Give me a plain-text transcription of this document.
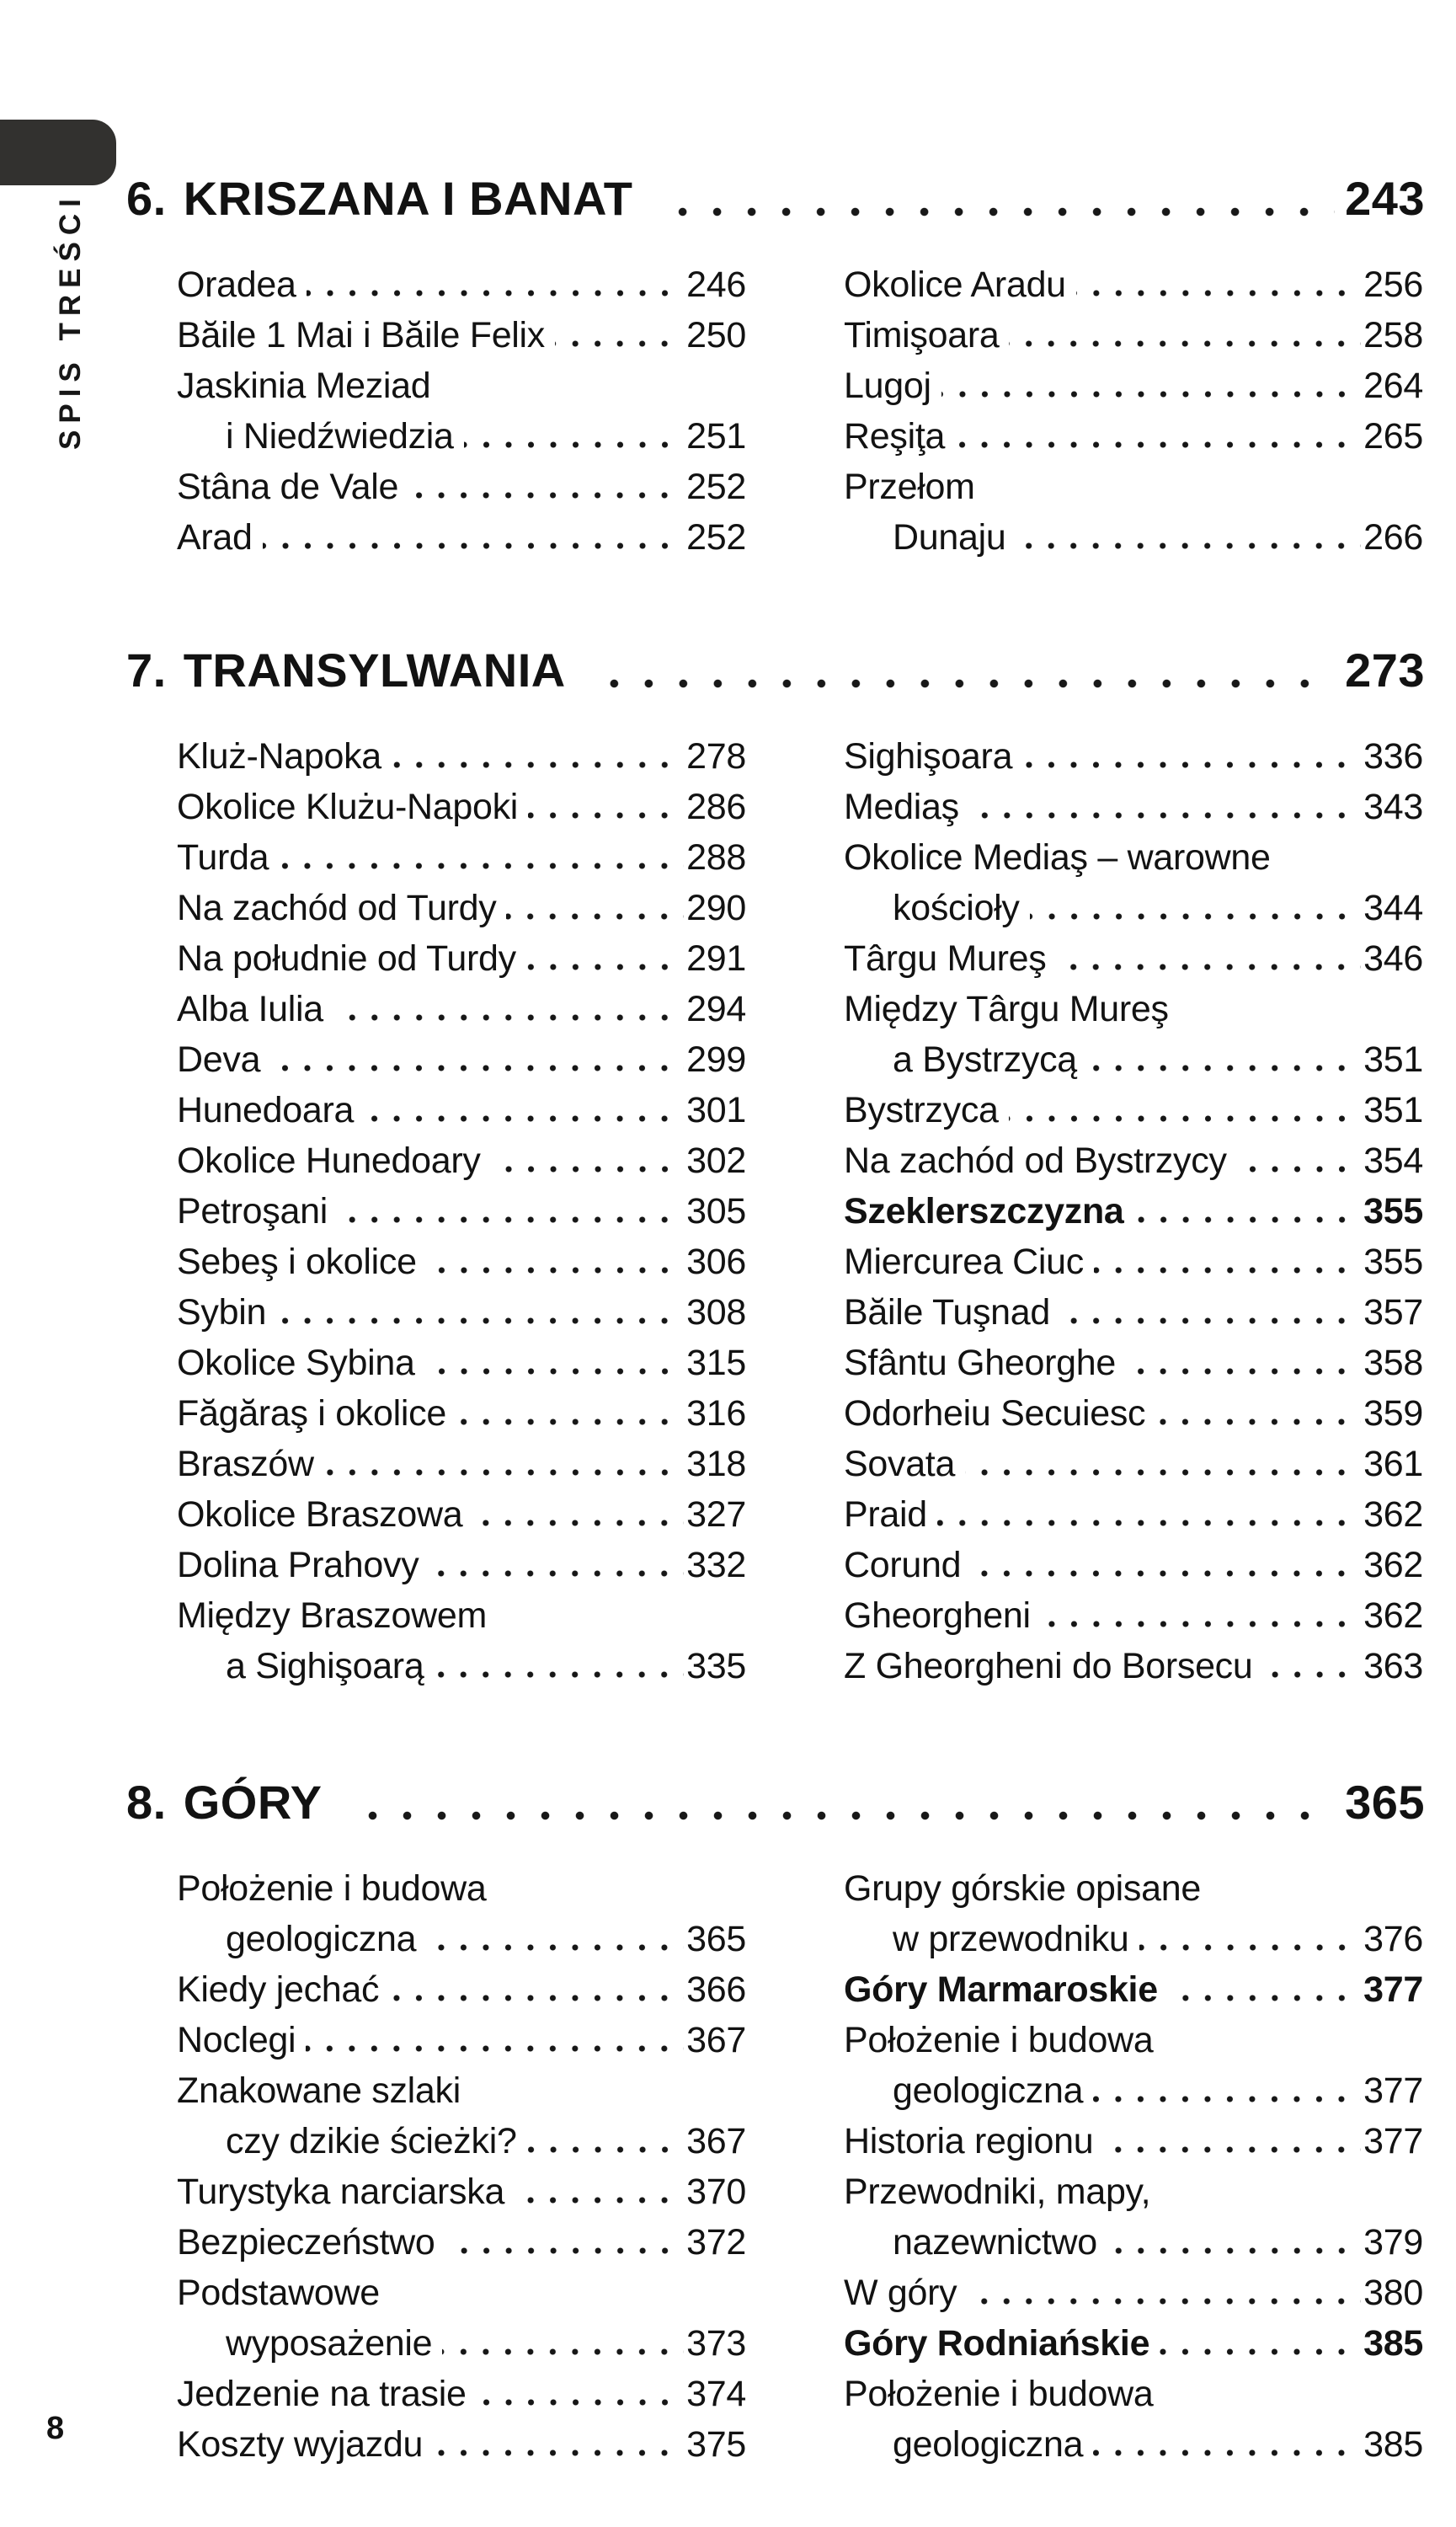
SPIS TREŚCI 6. KRISZANA I BANAT	243
Oradea	246
Băile 1 Mai i Băile Felix	250
Jaskinia Meziad
i Niedźwiedzia	251
Stâna de Vale	252
Arad	252
Okolice Aradu	256
Timişoara	258
Lugoj	264
Reşiţa	265
Przełom
Dunaju	266
7. TRANSYLWANIA	273
Kluż-Napoka	278
Okolice Klużu-Napoki	286
Turda	288
Na zachód od Turdy	290
Na południe od Turdy	291
Alba Iulia	294
Deva	299
Hunedoara	301
Okolice Hunedoary	302
Petroşani	305
Sebeş i okolice	306
Sybin	308
Okolice Sybina	315
Făgăraş i okolice	316
Braszów	318
Okolice Braszowa	327
Dolina Prahovy	332
Między Braszowem
a Sighişoarą	335
Sighişoara	336
Mediaş	343
Okolice Mediaş – warowne
kościoły	344
Târgu Mureş	346
Między Târgu Mureş
a Bystrzycą	351
Bystrzyca	351
Na zachód od Bystrzycy	354
Szeklerszczyzna	355
Miercurea Ciuc	355
Băile Tuşnad	357
Sfântu Gheorghe	358
Odorheiu Secuiesc	359
Sovata	361
Praid	362
Corund	362
Gheorgheni	362
Z Gheorgheni do Borsecu	363
8. GÓRY	365
Położenie i budowa
geologiczna	365
Kiedy jechać	366
Noclegi	367
Znakowane szlaki
czy dzikie ścieżki?	367
Turystyka narciarska	370
Bezpieczeństwo	372
Podstawowe
wyposażenie	373
Jedzenie na trasie	374
Koszty wyjazdu	375
Grupy górskie opisane
w przewodniku	376
Góry Marmaroskie	377
Położenie i budowa
geologiczna	377
Historia regionu	377
Przewodniki, mapy,
nazewnictwo	379
W góry	380
Góry Rodniańskie	385
Położenie i budowa
geologiczna	385
8
